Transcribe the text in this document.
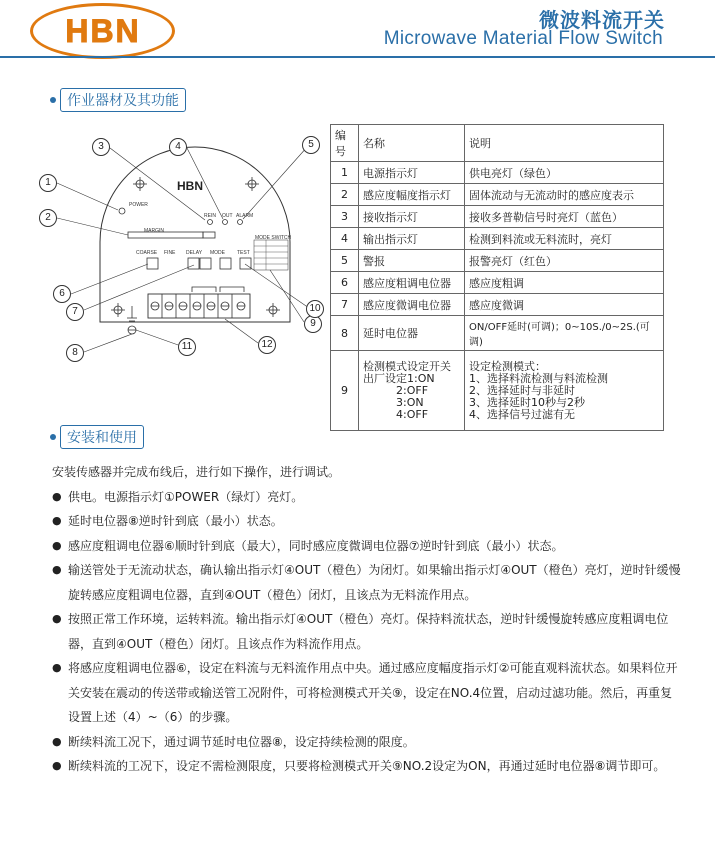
HBN	微波料流开关
Microwave Material Flow Switch
作业器材及其功能
HBN
POWER
MARGIN
REIN OUT ALARM
COARSE FINE DELAY MODE TEST
MODE SWITCH
1
2
3	4	5
6
7
8
9
10
11	12
编号	名称	说明
1	电源指示灯	供电亮灯（绿色）
2	感应度幅度指示灯	固体流动与无流动时的感应度表示
3	接收指示灯	接收多普勒信号时亮灯（蓝色）
4	输出指示灯	检测到料流或无料流时，亮灯
5	警报	报警亮灯（红色）
6	感应度粗调电位器	感应度粗调
7	感应度微调电位器	感应度微调
8	延时电位器	ON/OFF延时(可调)；0~10S./0~2S.(可调)
9	检测模式设定开关
出厂设定1:ON
　　　2:OFF
　　　3:ON
　　　4:OFF	设定检测模式：
1、选择料流检测与料流检测
2、选择延时与非延时
3、选择延时10秒与2秒
4、选择信号过滤有无
安装和使用
安装传感器并完成布线后，进行如下操作，进行调试。
● 供电。电源指示灯①POWER（绿灯）亮灯。
● 延时电位器⑧逆时针到底（最小）状态。
● 感应度粗调电位器⑥顺时针到底（最大），同时感应度微调电位器⑦逆时针到底（最小）状态。
● 输送管处于无流动状态，确认输出指示灯④OUT（橙色）为闭灯。如果输出指示灯④OUT（橙色）亮灯，逆时针缓慢旋转感应度粗调电位器，直到④OUT（橙色）闭灯，且该点为无料流作用点。
● 按照正常工作环境，运转料流。输出指示灯④OUT（橙色）亮灯。保持料流状态，逆时针缓慢旋转感应度粗调电位器，直到④OUT（橙色）闭灯。且该点作为料流作用点。
● 将感应度粗调电位器⑥，设定在料流与无料流作用点中央。通过感应度幅度指示灯②可能直观料流状态。如果料位开关安装在震动的传送带或输送管工况附件，可将检测模式开关⑨，设定在NO.4位置，启动过滤功能。然后，再重复设置上述（4）~（6）的步骤。
● 断续料流工况下，通过调节延时电位器⑧，设定持续检测的限度。
● 断续料流的工况下，设定不需检测限度，只要将检测模式开关⑨NO.2设定为ON，再通过延时电位器⑧调节即可。
